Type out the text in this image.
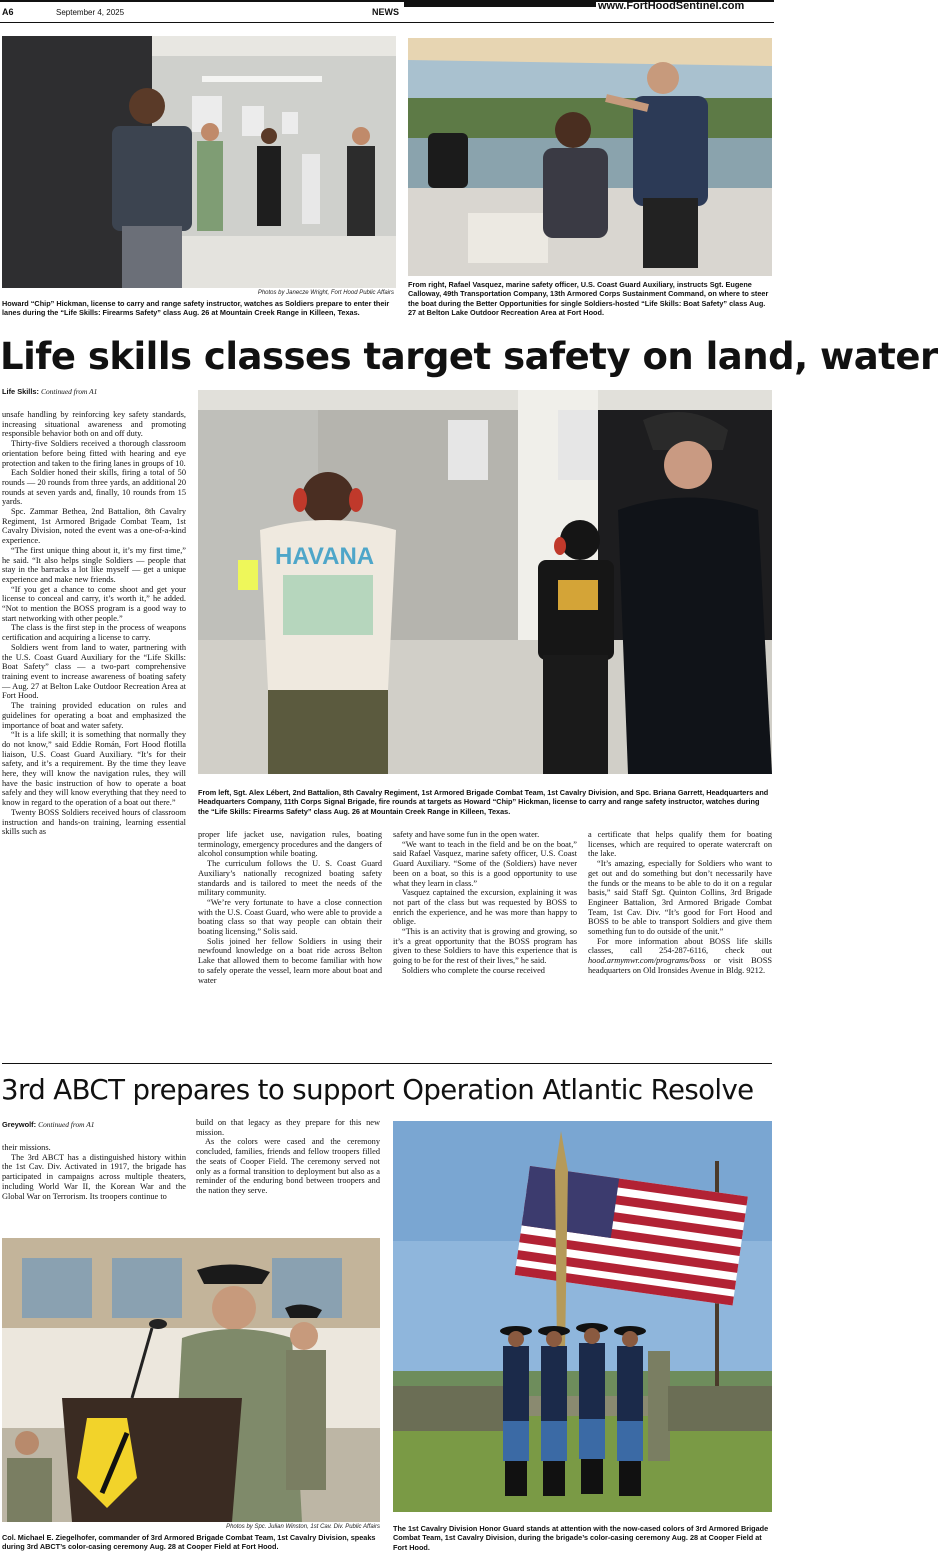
A6	September 4, 2025	NEWS	www.FortHoodSentinel.com
Photos by Janecze Wright, Fort Hood Public Affairs
Howard “Chip” Hickman, license to carry and range safety instructor, watches as Soldiers prepare to enter their lanes during the “Life Skills: Firearms Safety” class Aug. 26 at Mountain Creek Range in Killeen, Texas.
From right, Rafael Vasquez, marine safety officer, U.S. Coast Guard Auxiliary, instructs Sgt. Eugene Calloway, 49th Transportation Company, 13th Armored Corps Sustainment Command, on where to steer the boat during the Better Opportunities for single Soldiers-hosted “Life Skills: Boat Safety” class Aug. 27 at Belton Lake Outdoor Recreation Area at Fort Hood.
Life skills classes target safety on land, water
Life Skills: Continued from A1

unsafe handling by reinforcing key safety standards, increasing situational awareness and promoting responsible behavior both on and off duty.

Thirty-five Soldiers received a thorough classroom orientation before being fitted with hearing and eye protection and taken to the firing lanes in groups of 10.

Each Soldier honed their skills, firing a total of 50 rounds — 20 rounds from three yards, an additional 20 rounds at seven yards and, finally, 10 rounds from 15 yards.

Spc. Zammar Bethea, 2nd Battalion, 8th Cavalry Regiment, 1st Armored Brigade Combat Team, 1st Cavalry Division, noted the event was a one-of-a-kind experience.

“The first unique thing about it, it’s my first time,” he said. “It also helps single Soldiers — people that stay in the barracks a lot like myself — get a unique experience and make new friends.

“If you get a chance to come shoot and get your license to conceal and carry, it’s worth it,” he added. “Not to mention the BOSS program is a good way to start networking with other people.”

The class is the first step in the process of weapons certification and acquiring a license to carry.

Soldiers went from land to water, partnering with the U.S. Coast Guard Auxiliary for the “Life Skills: Boat Safety” class — a two-part comprehensive training event to increase awareness of boating safety — Aug. 27 at Belton Lake Outdoor Recreation Area at Fort Hood.

The training provided education on rules and guidelines for operating a boat and emphasized the importance of boat and water safety.

“It is a life skill; it is something that normally they do not know,” said Eddie Román, Fort Hood flotilla liaison, U.S. Coast Guard Auxiliary. “It’s for their safety, and it’s a requirement. By the time they leave here, they will know the navigation rules, they will have the basic instruction of how to operate a boat safely and they will know everything that they need to know in regard to the operation of a boat out there.”

Twenty BOSS Soldiers received hours of classroom instruction and hands-on training, learning essential skills such as

HAVANA
From left, Sgt. Alex Lébert, 2nd Battalion, 8th Cavalry Regiment, 1st Armored Brigade Combat Team, 1st Cavalry Division, and Spc. Briana Garrett, Headquarters and Headquarters Company, 11th Corps Signal Brigade, fire rounds at targets as Howard “Chip” Hickman, license to carry and range safety instructor, watches during the “Life Skills: Firearms Safety” class Aug. 26 at Mountain Creek Range in Killeen, Texas.

proper life jacket use, navigation rules, boating terminology, emergency procedures and the dangers of alcohol consumption while boating.

The curriculum follows the U. S. Coast Guard Auxiliary’s nationally recognized boating safety standards and is tailored to meet the needs of the military community.

“We’re very fortunate to have a close connection with the U.S. Coast Guard, who were able to provide a boating class so that way people can obtain their boating licensing,” Solis said.

Solis joined her fellow Soldiers in using their newfound knowledge on a boat ride across Belton Lake that allowed them to become familiar with how to safely operate the vessel, learn more about boat and water

safety and have some fun in the open water.

“We want to teach in the field and be on the boat,” said Rafael Vasquez, marine safety officer, U.S. Coast Guard Auxiliary. “Some of the (Soldiers) have never been on a boat, so this is a good opportunity to use what they learn in class.”

Vasquez captained the excursion, explaining it was not part of the class but was requested by BOSS to enrich the experience, and he was more than happy to oblige.

“This is an activity that is growing and growing, so it’s a great opportunity that the BOSS program has given to these Soldiers to have this experience that is going to be for the rest of their lives,” he said.

Soldiers who complete the course received

a certificate that helps qualify them for boating licenses, which are required to operate watercraft on the lake.

“It’s amazing, especially for Soldiers who want to get out and do something but don’t necessarily have the funds or the means to be able to do it on a regular basis,” said Staff Sgt. Quinton Collins, 3rd Brigade Engineer Battalion, 3rd Armored Brigade Combat Team, 1st Cav. Div. “It’s good for Fort Hood and BOSS to be able to transport Soldiers and give them something fun to do outside of the unit.”

For more information about BOSS life skills classes, call 254-287-6116, check out hood.armymwr.com/programs/boss or visit BOSS headquarters on Old Ironsides Avenue in Bldg. 9212.

3rd ABCT prepares to support Operation Atlantic Resolve
Greywolf: Continued from A1

their missions.

The 3rd ABCT has a distinguished history within the 1st Cav. Div. Activated in 1917, the brigade has participated in campaigns across multiple theaters, including World War II, the Korean War and the Global War on Terrorism. Its troopers continue to

build on that legacy as they prepare for this new mission.

As the colors were cased and the ceremony concluded, families, friends and fellow troopers filled the seats of Cooper Field. The ceremony served not only as a formal transition to deployment but also as a reminder of the enduring bond between troopers and the nation they serve.

Photos by Spc. Julian Winston, 1st Cav. Div. Public Affairs
Col. Michael E. Ziegelhofer, commander of 3rd Armored Brigade Combat Team, 1st Cavalry Division, speaks during 3rd ABCT’s color-casing ceremony Aug. 28 at Cooper Field at Fort Hood.
The 1st Cavalry Division Honor Guard stands at attention with the now-cased colors of 3rd Armored Brigade Combat Team, 1st Cavalry Division, during the brigade’s color-casing ceremony Aug. 28 at Cooper Field at Fort Hood.
